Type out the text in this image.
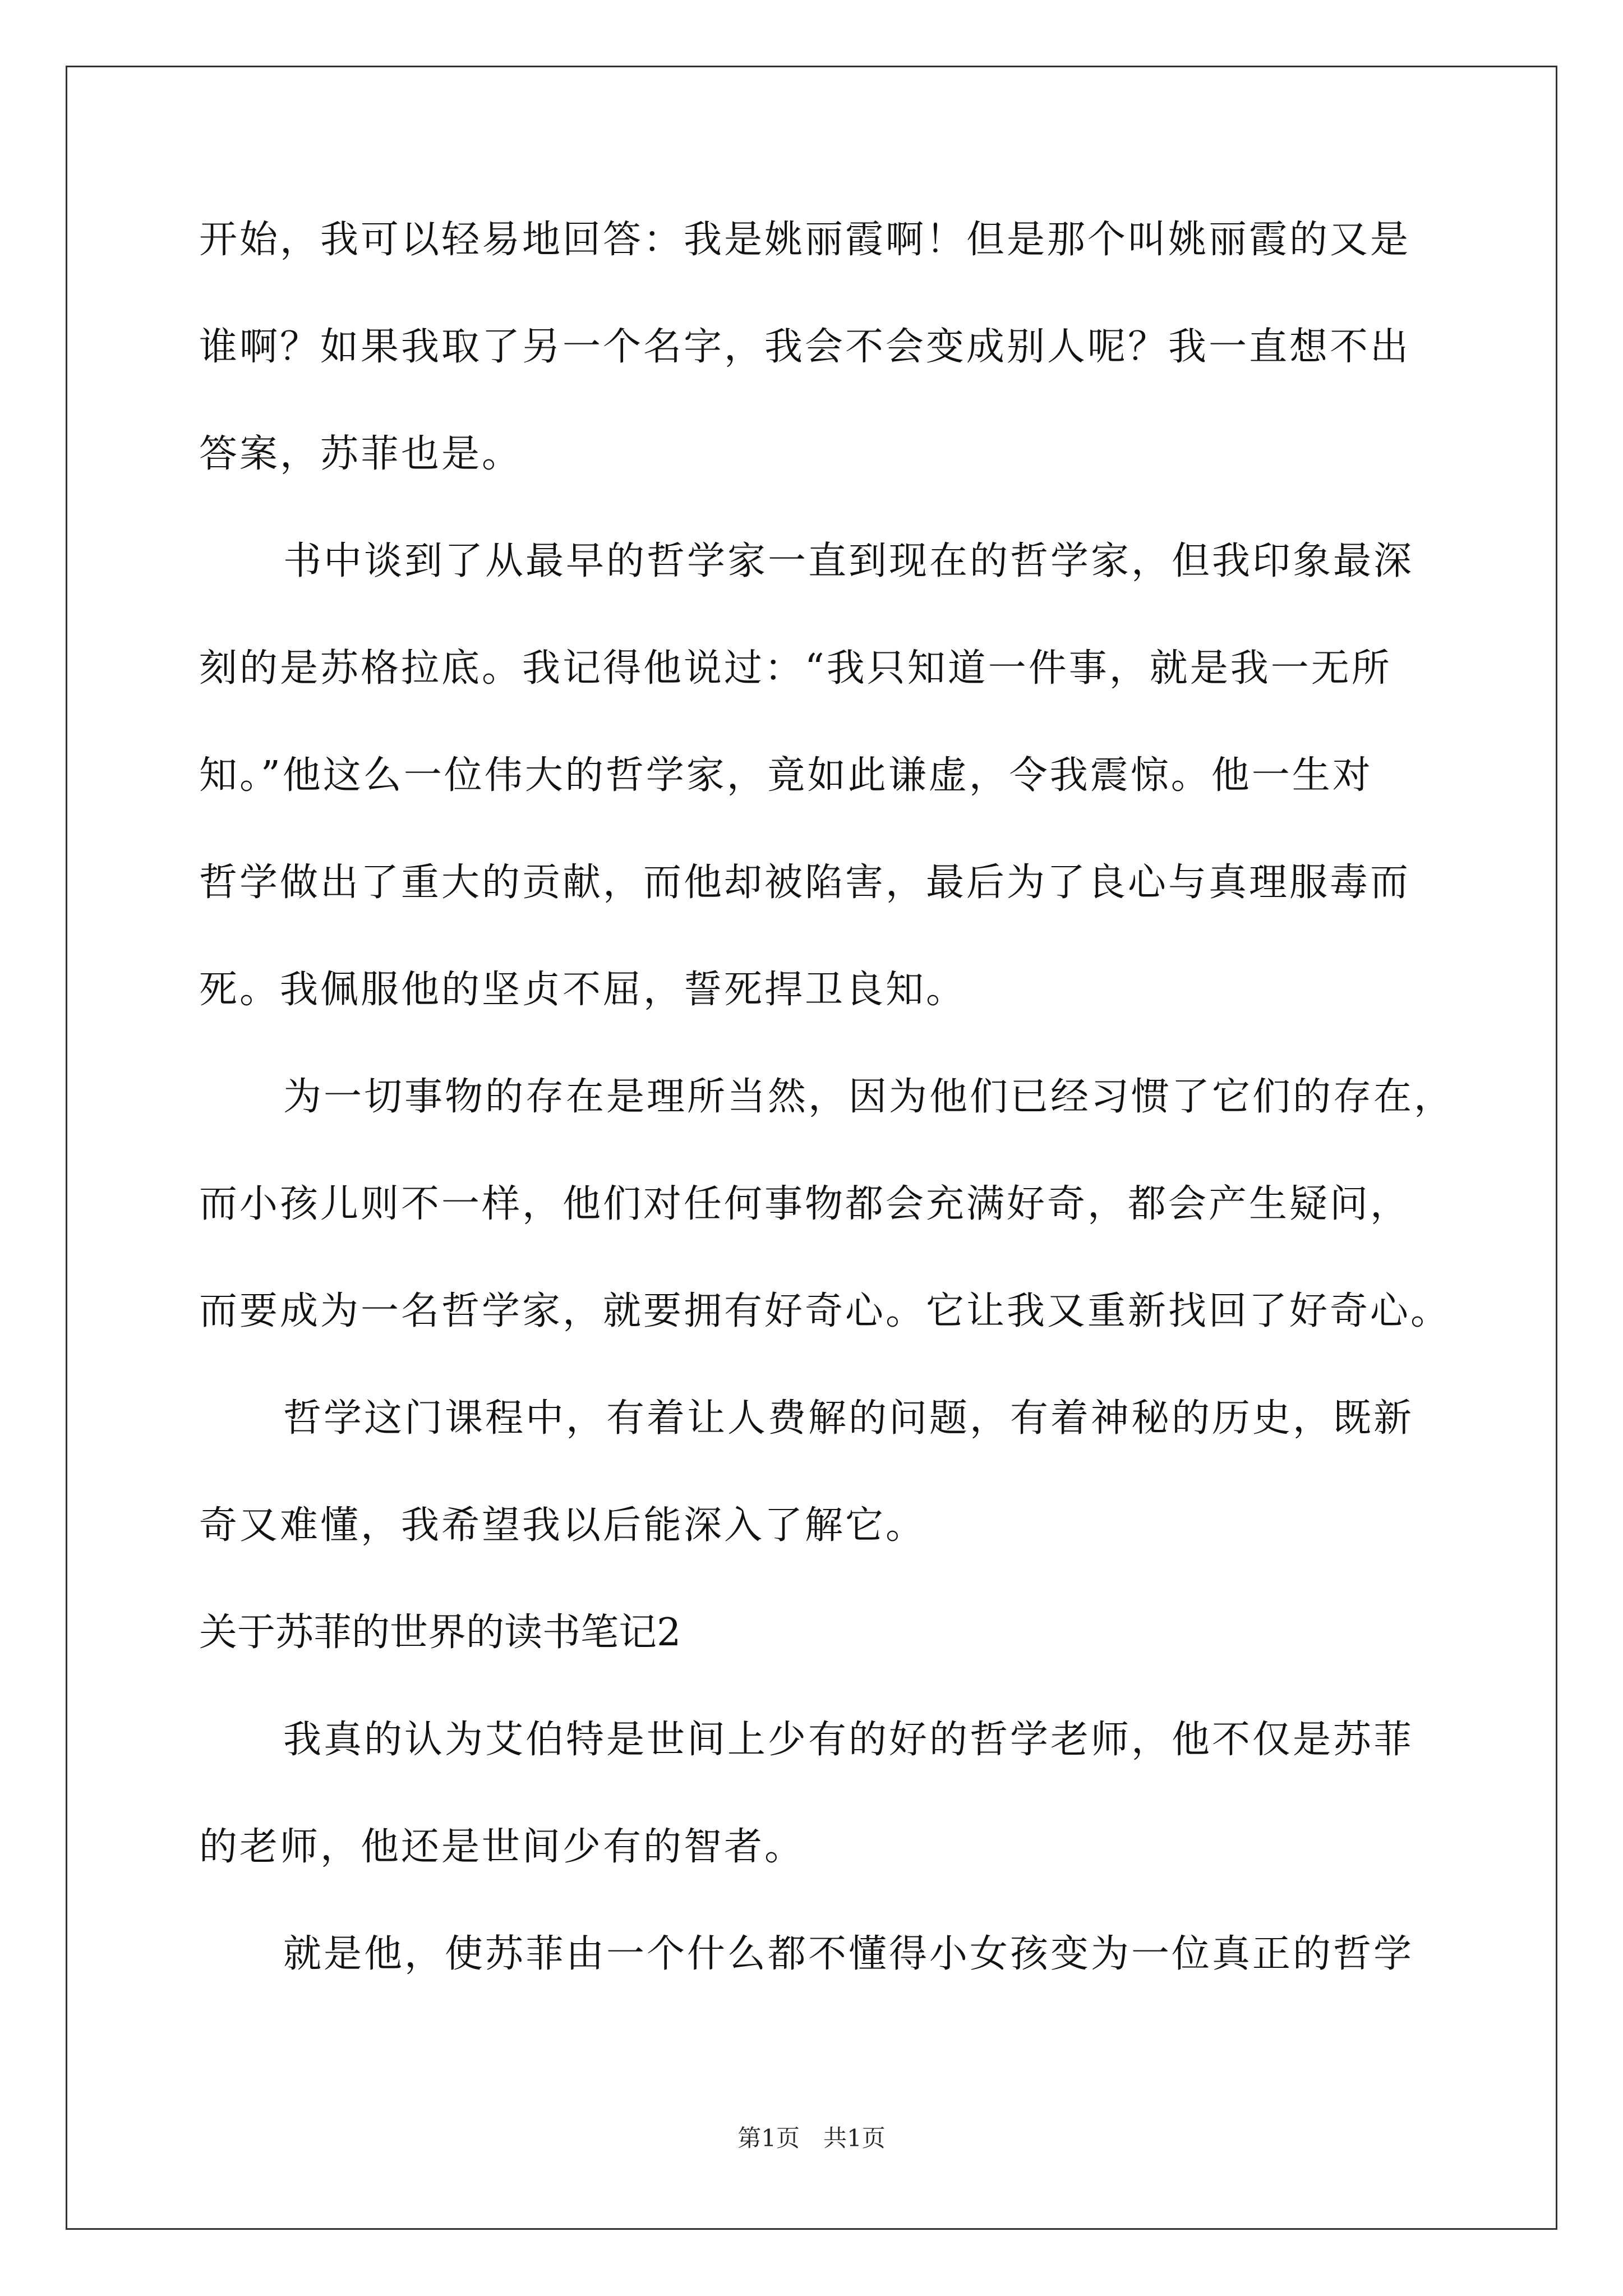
开始，我可以轻易地回答：我是姚丽霞啊！但是那个叫姚丽霞的又是
谁啊？如果我取了另一个名字，我会不会变成别人呢？我一直想不出
答案，苏菲也是。
书中谈到了从最早的哲学家一直到现在的哲学家，但我印象最深
刻的是苏格拉底。我记得他说过：“我只知道一件事，就是我一无所
知。”他这么一位伟大的哲学家，竟如此谦虚，令我震惊。他一生对
哲学做出了重大的贡献，而他却被陷害，最后为了良心与真理服毒而
死。我佩服他的坚贞不屈，誓死捍卫良知。
为一切事物的存在是理所当然，因为他们已经习惯了它们的存在，
而小孩儿则不一样，他们对任何事物都会充满好奇，都会产生疑问，
而要成为一名哲学家，就要拥有好奇心。它让我又重新找回了好奇心。
哲学这门课程中，有着让人费解的问题，有着神秘的历史，既新
奇又难懂，我希望我以后能深入了解它。
关于苏菲的世界的读书笔记2
我真的认为艾伯特是世间上少有的好的哲学老师，他不仅是苏菲
的老师，他还是世间少有的智者。
就是他，使苏菲由一个什么都不懂得小女孩变为一位真正的哲学
第1页　共1页
